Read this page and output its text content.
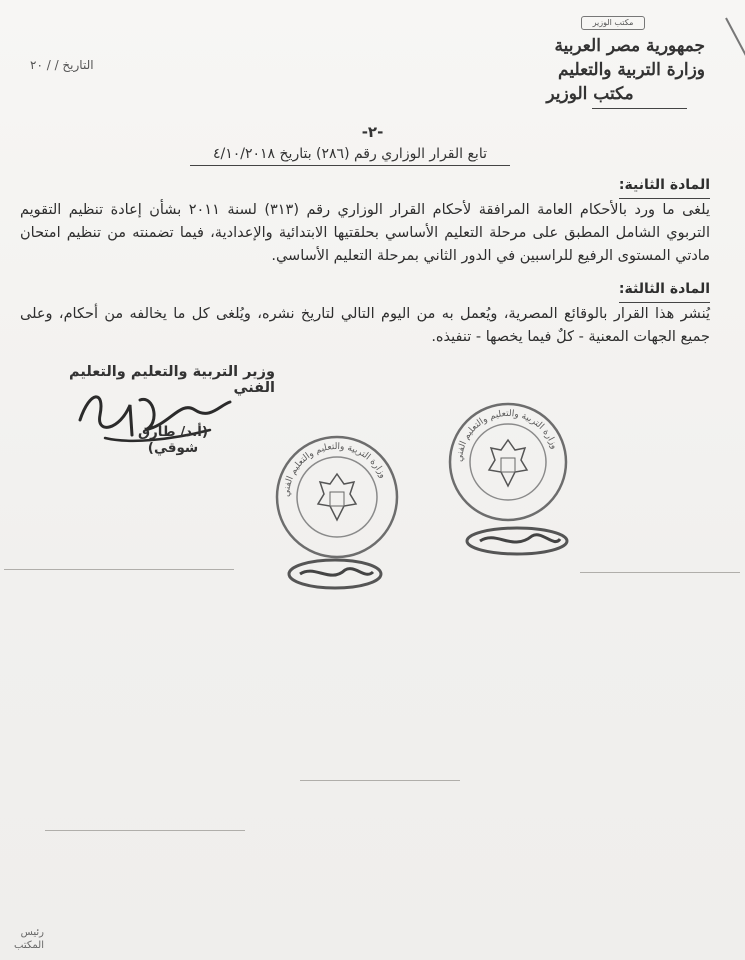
مكتب الوزير
جمهورية مصر العربية
وزارة التربية والتعليم
مكتب الوزير
التاريخ / / ٢٠
-٢-
تابع القرار الوزاري رقم (٢٨٦) بتاريخ ٤/١٠/٢٠١٨
المادة الثانية:

يلغى ما ورد بالأحكام العامة المرافقة لأحكام القرار الوزاري رقم (٣١٣) لسنة ٢٠١١ بشأن إعادة تنظيم التقويم التربوي الشامل المطبق على مرحلة التعليم الأساسي بحلقتيها الابتدائية والإعدادية، فيما تضمنته من تنظيم امتحان مادتي المستوى الرفيع للراسبين في الدور الثاني بمرحلة التعليم الأساسي.

المادة الثالثة:

يُنشر هذا القرار بالوقائع المصرية، ويُعمل به من اليوم التالي لتاريخ نشره، ويُلغى كل ما يخالفه من أحكام، وعلى جميع الجهات المعنية - كلٌ فيما يخصها - تنفيذه.

وزير التربية والتعليم والتعليم الفني
(أ.د/ طارق شوقي)
وزارة التربية والتعليم والتعليم الفني
وزارة التربية والتعليم والتعليم الفني
رئيس
المكتب
